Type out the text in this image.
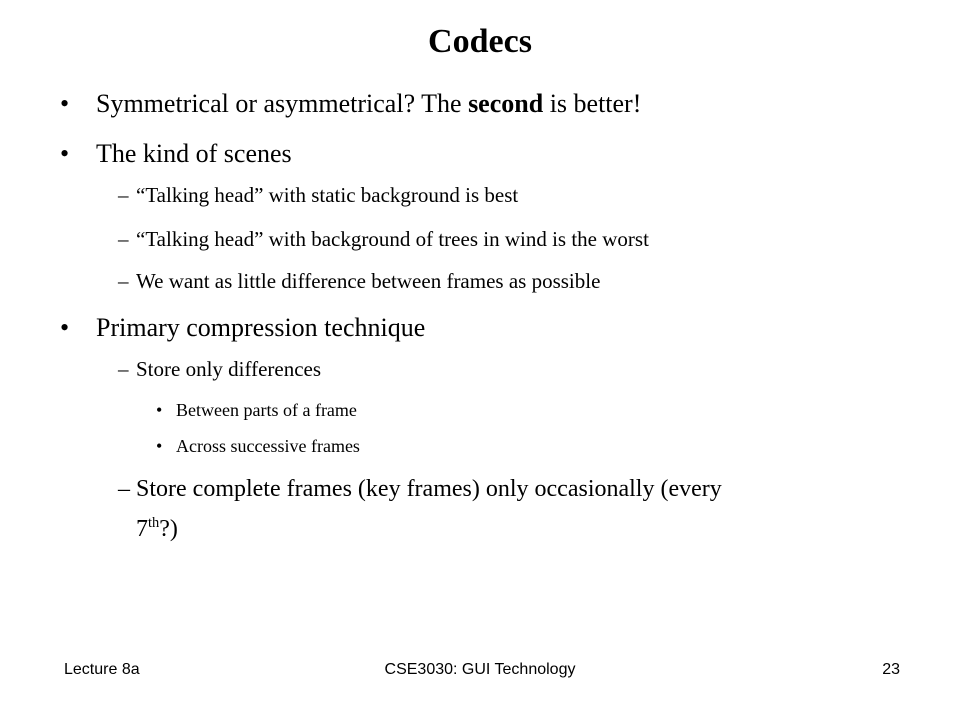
Codecs
• Symmetrical or asymmetrical? The second is better!
• The kind of scenes
– “Talking head” with static background is best
– “Talking head” with background of trees in wind is the worst
– We want as little difference between frames as possible
• Primary compression technique
– Store only differences
• Between parts of a frame
• Across successive frames
– Store complete frames (key frames) only occasionally (every
7th?)
Lecture 8a	CSE3030: GUI Technology	23
